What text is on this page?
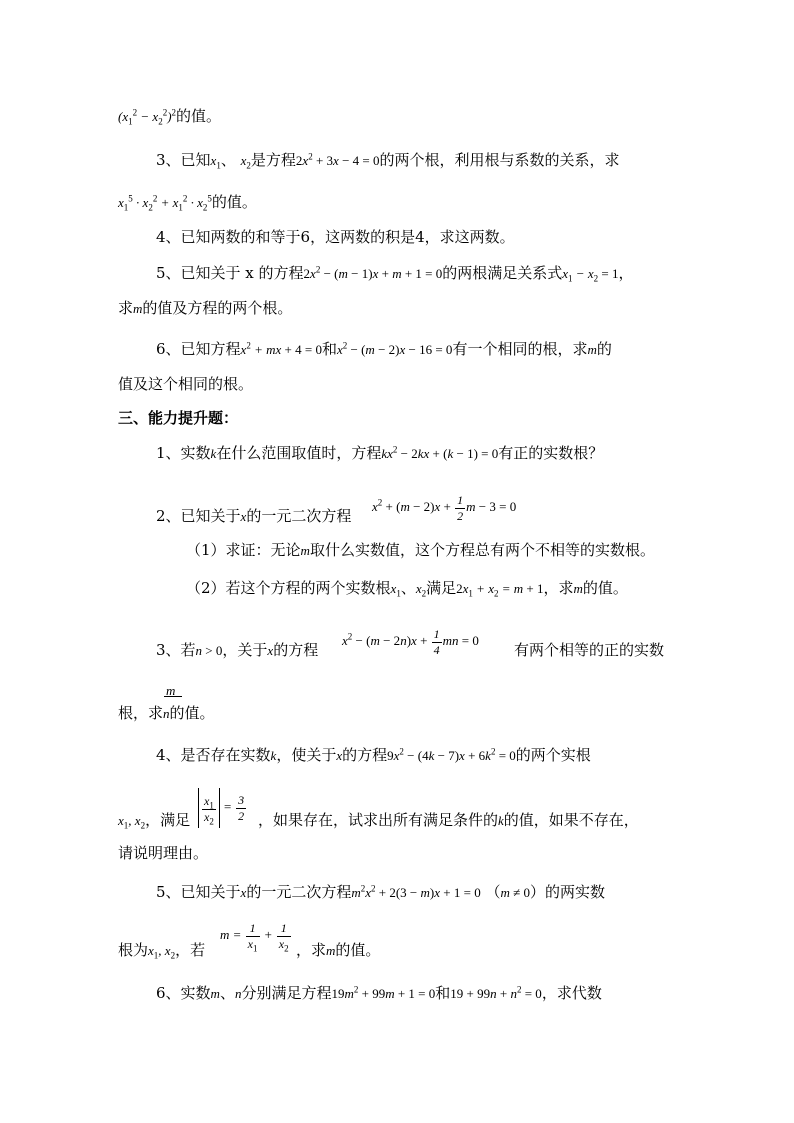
$(x_1^2 - x_2^2)^2$的值。
3、已知$x_1$、 $x_2$是方程$2x^2 + 3x - 4 = 0$的两个根，利用根与系数的关系，求
$x_1^5 \cdot x_2^2 + x_1^2 \cdot x_2^5$的值。
4、已知两数的和等于6，这两数的积是4，求这两数。
5、已知关于 x 的方程$2x^2 - (m - 1)x + m + 1 = 0$的两根满足关系式$x_1 - x_2 = 1$，
求m的值及方程的两个根。
6、已知方程$x^2$ + mx + 4 = 0和$x^2 - (m - 2)x - 16 = 0$有一个相同的根，求m的
值及这个相同的根。
三、能力提升题：
1、实数k在什么范围取值时，方程$kx^2 - 2kx + (k - 1) = 0$有正的实数根？
$x^2 + (m - 2)x + \frac{1}{2}$ m − 3 = 0
2、已知关于x的一元二次方程
（1）求证：无论m取什么实数值，这个方程总有两个不相等的实数根。
（2）若这个方程的两个实数根$x_1$、$x_2$满足$2x_1 + x_2 = m + 1$，求m的值。
$x^2 - (m - 2n)x + \frac{1}{4}$ mn = 0
3、若n > 0，关于x的方程	有两个相等的正的实数
m
根，求n的值。
4、是否存在实数k，使关于x的方程$9x^2 - (4k - 7)x + 6k^2 = 0$的两个实根
$\frac{x_1}{x_2} = \frac{3}{2}$
$x_1$, $x_2$，满足	，如果存在，试求出所有满足条件的k的值，如果不存在，
请说明理由。
5、已知关于x的一元二次方程$m^2x^2 + 2(3 - m)x + 1 = 0$ （m ≠ 0）的两实数
$m = \frac{1}{x_1} + \frac{1}{x_2}$
根为$x_1$, $x_2$，若	，求m的值。
6、实数m、n分别满足方程$19m^2 + 99m + 1 = 0$和$19 + 99n + n^2 = 0$，求代数
